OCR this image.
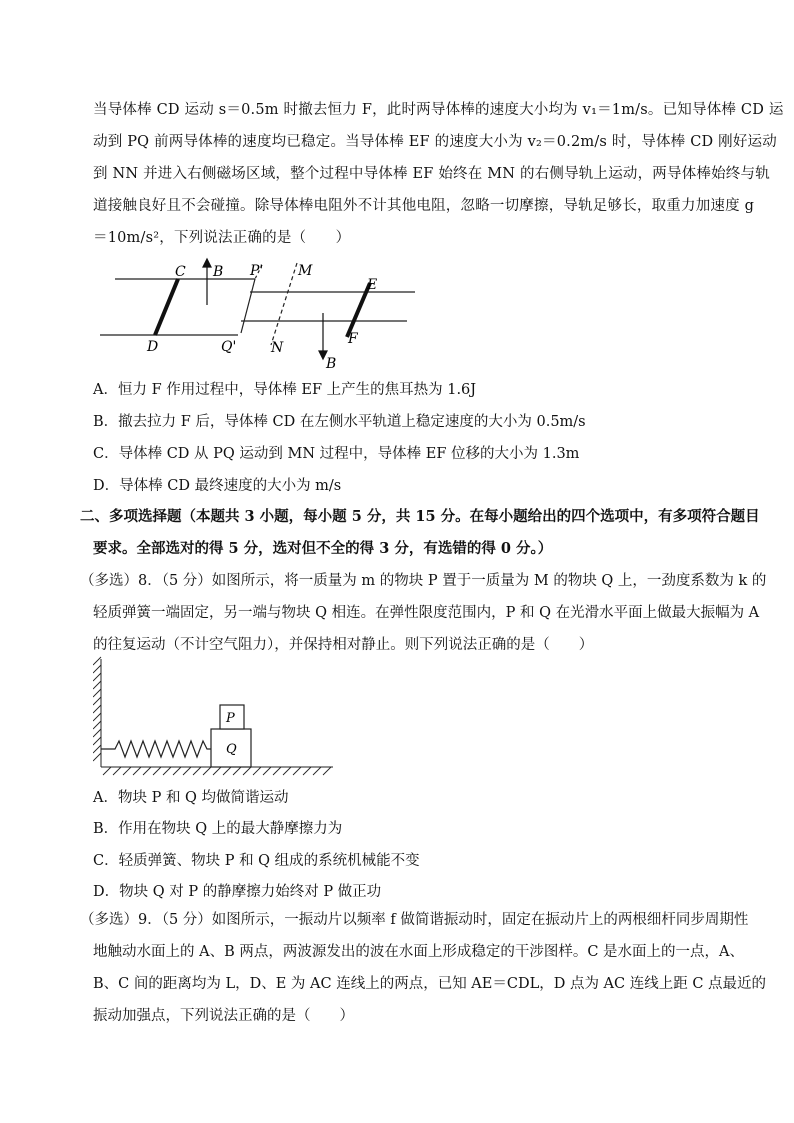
当导体棒 CD 运动 s＝0.5m 时撤去恒力 F，此时两导体棒的速度大小均为 v₁＝1m/s。已知导体棒 CD 运
动到 PQ 前两导体棒的速度均已稳定。当导体棒 EF 的速度大小为 v₂＝0.2m/s 时，导体棒 CD 刚好运动
到 NN 并进入右侧磁场区域，整个过程中导体棒 EF 始终在 MN 的右侧导轨上运动，两导体棒始终与轨
道接触良好且不会碰撞。除导体棒电阻外不计其他电阻，忽略一切摩擦，导轨足够长，取重力加速度 g
＝10m/s²，下列说法正确的是（　　）
C B P' M
E
D	Q' N
F
B
A．恒力 F 作用过程中，导体棒 EF 上产生的焦耳热为 1.6J
B．撤去拉力 F 后，导体棒 CD 在左侧水平轨道上稳定速度的大小为 0.5m/s
C．导体棒 CD 从 PQ 运动到 MN 过程中，导体棒 EF 位移的大小为 1.3m
D．导体棒 CD 最终速度的大小为 m/s
二、多项选择题（本题共 3 小题，每小题 5 分，共 15 分。在每小题给出的四个选项中，有多项符合题目
要求。全部选对的得 5 分，选对但不全的得 3 分，有选错的得 0 分。）
（多选）8．（5 分）如图所示，将一质量为 m 的物块 P 置于一质量为 M 的物块 Q 上，一劲度系数为 k 的
轻质弹簧一端固定，另一端与物块 Q 相连。在弹性限度范围内，P 和 Q 在光滑水平面上做最大振幅为 A
的往复运动（不计空气阻力），并保持相对静止。则下列说法正确的是（　　）
P
Q
A．物块 P 和 Q 均做简谐运动
B．作用在物块 Q 上的最大静摩擦力为
C．轻质弹簧、物块 P 和 Q 组成的系统机械能不变
D．物块 Q 对 P 的静摩擦力始终对 P 做正功
（多选）9．（5 分）如图所示，一振动片以频率 f 做简谐振动时，固定在振动片上的两根细杆同步周期性
地触动水面上的 A、B 两点，两波源发出的波在水面上形成稳定的干涉图样。C 是水面上的一点，A、
B、C 间的距离均为 L，D、E 为 AC 连线上的两点，已知 AE＝CDL，D 点为 AC 连线上距 C 点最近的
振动加强点，下列说法正确的是（　　）
